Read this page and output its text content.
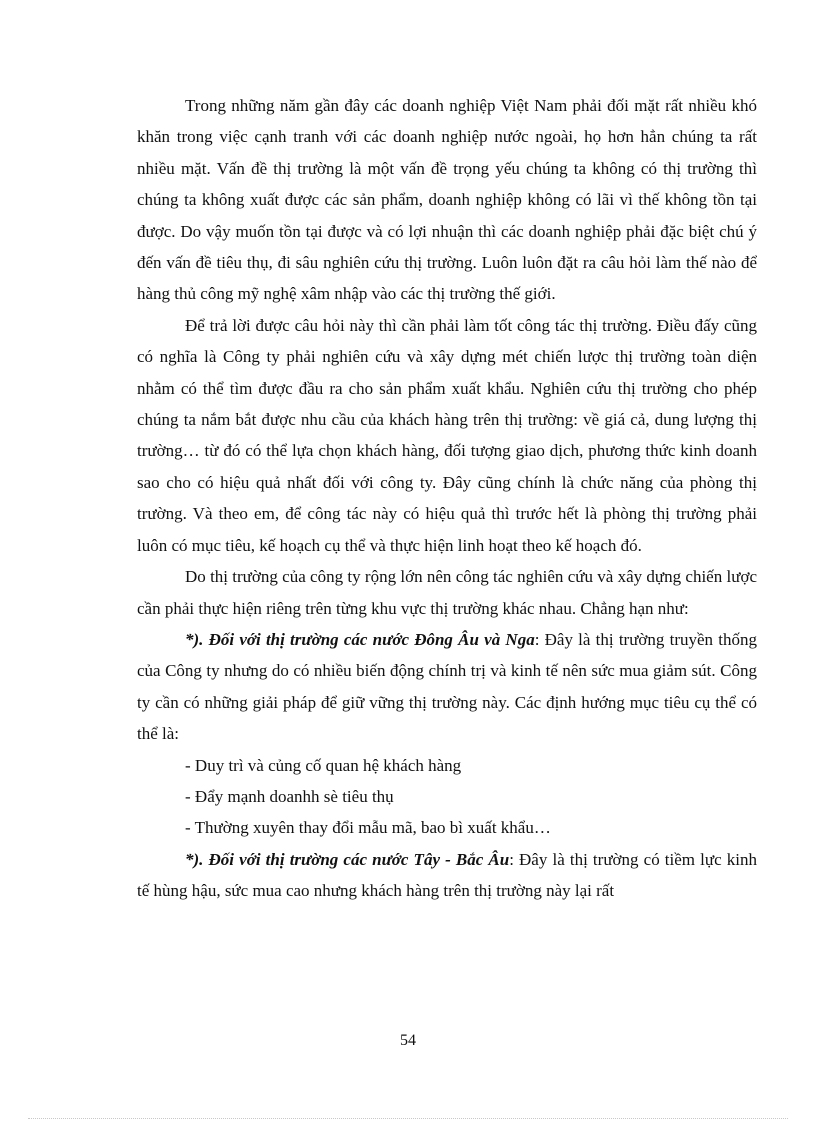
Trong những năm gần đây các doanh nghiệp Việt Nam phải đối mặt rất nhiều khó khăn trong việc cạnh tranh với các doanh nghiệp nước ngoài, họ hơn hẳn chúng ta rất nhiều mặt. Vấn đề thị trường là một vấn đề trọng yếu chúng ta không có thị trường thì chúng ta không xuất được các sản phẩm, doanh nghiệp không có lãi vì thế không tồn tại được. Do vậy muốn tồn tại được và có lợi nhuận thì các doanh nghiệp phải đặc biệt chú ý đến vấn đề tiêu thụ, đi sâu nghiên cứu thị trường. Luôn luôn đặt ra câu hỏi làm thế nào để hàng thủ công mỹ nghệ xâm nhập vào các thị trường thế giới.

Để trả lời được câu hỏi này thì cần phải làm tốt công tác thị trường. Điều đấy cũng có nghĩa là Công ty phải nghiên cứu và xây dựng mét chiến lược thị trường toàn diện nhằm có thể tìm được đầu ra cho sản phẩm xuất khẩu. Nghiên cứu thị trường cho phép chúng ta nắm bắt được nhu cầu của khách hàng trên thị trường: về giá cả, dung lượng thị trường… từ đó có thể lựa chọn khách hàng, đối tượng giao dịch, phương thức kinh doanh sao cho có hiệu quả nhất đối với công ty. Đây cũng chính là chức năng của phòng thị trường. Và theo em, để công tác này có hiệu quả thì trước hết là phòng thị trường phải luôn có mục tiêu, kế hoạch cụ thể và thực hiện linh hoạt theo kế hoạch đó.

Do thị trường của công ty rộng lớn nên công tác nghiên cứu và xây dựng chiến lược cần phải thực hiện riêng trên từng khu vực thị trường khác nhau. Chẳng hạn như:

*). Đối với thị trường các nước Đông Âu và Nga: Đây là thị trường truyền thống của Công ty nhưng do có nhiều biến động chính trị và kinh tế nên sức mua giảm sút. Công ty cần có những giải pháp để giữ vững thị trường này. Các định hướng mục tiêu cụ thể có thể là:

- Duy trì và củng cố quan hệ khách hàng

- Đẩy mạnh doanhh sè tiêu thụ

- Thường xuyên thay đổi mẫu mã, bao bì xuất khẩu…

*). Đối với thị trường các nước Tây - Bắc Âu: Đây là thị trường có tiềm lực kinh tế hùng hậu, sức mua cao nhưng khách hàng trên thị trường này lại rất

54
